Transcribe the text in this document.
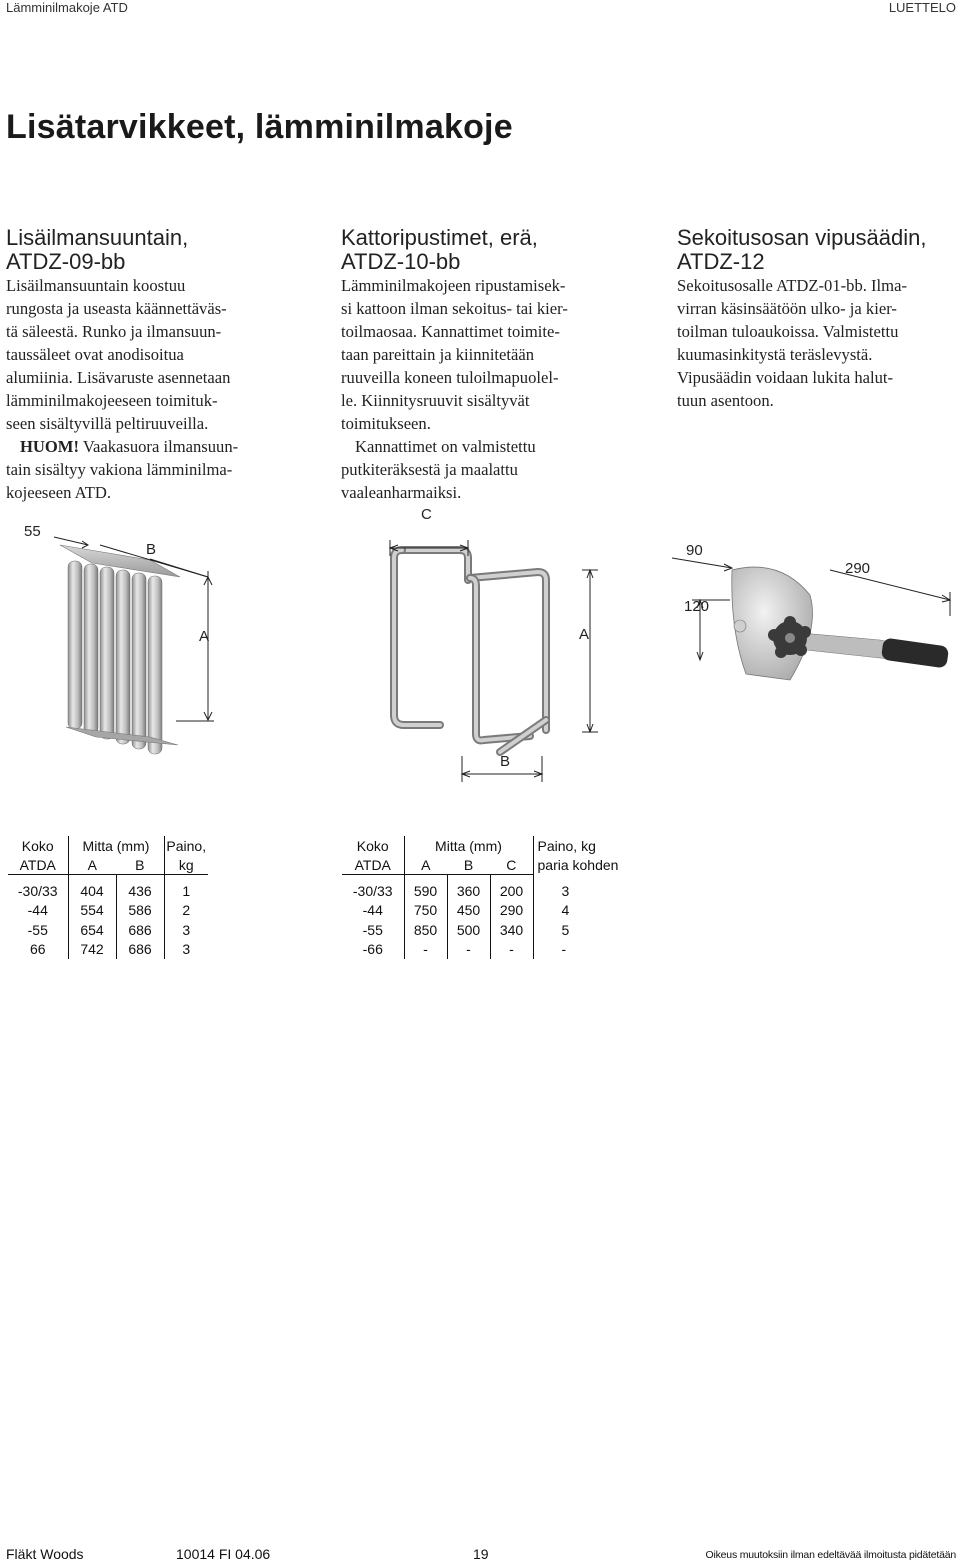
Lämminilmakoje ATD	LUETTELO
Lisätarvikkeet, lämminilmakoje
Lisäilmansuuntain,
ATDZ-09-bb
Lisäilmansuuntain koostuu
rungosta ja useasta käännettäväs-
tä säleestä. Runko ja ilmansuun-
taussäleet ovat anodisoitua
alumiinia. Lisävaruste asennetaan
lämminilmakojeeseen toimituk-
seen sisältyvillä peltiruuveilla.
HUOM! Vaakasuora ilmansuun-
tain sisältyy vakiona lämminilma-
kojeeseen ATD.
Kattoripustimet, erä,
ATDZ-10-bb
Lämminilmakojeen ripustamisek-
si kattoon ilman sekoitus- tai kier-
toilmaosaa. Kannattimet toimite-
taan pareittain ja kiinnitetään
ruuveilla koneen tuloilmapuolel-
le. Kiinnitysruuvit sisältyvät
toimitukseen.
Kannattimet on valmistettu
putkiteräksestä ja maalattu
vaaleanharmaiksi.
Sekoitusosan vipusäädin,
ATDZ-12
Sekoitusosalle ATDZ-01-bb. Ilma-
virran käsinsäätöön ulko- ja kier-
toilman tuloaukoissa. Valmistettu
kuumasinkitystä teräslevystä.
Vipusäädin voidaan lukita halut-
tuun asentoon.
55
B
A
C
A
B
90
290
120
Koko	Mitta (mm)		Paino,
ATDA	A	B	kg

-30/33	404	436	1
-44	554	586	2
-55	654	686	3
66	742	686	3
Koko	Mitta (mm)			Paino, kg
ATDA	A	B	C	paria kohden

-30/33	590	360	200	3
-44	750	450	290	4
-55	850	500	340	5
-66	-	-	-	-
Fläkt Woods	10014 FI 04.06	19	Oikeus muutoksiin ilman edeltävää ilmoitusta pidätetään
